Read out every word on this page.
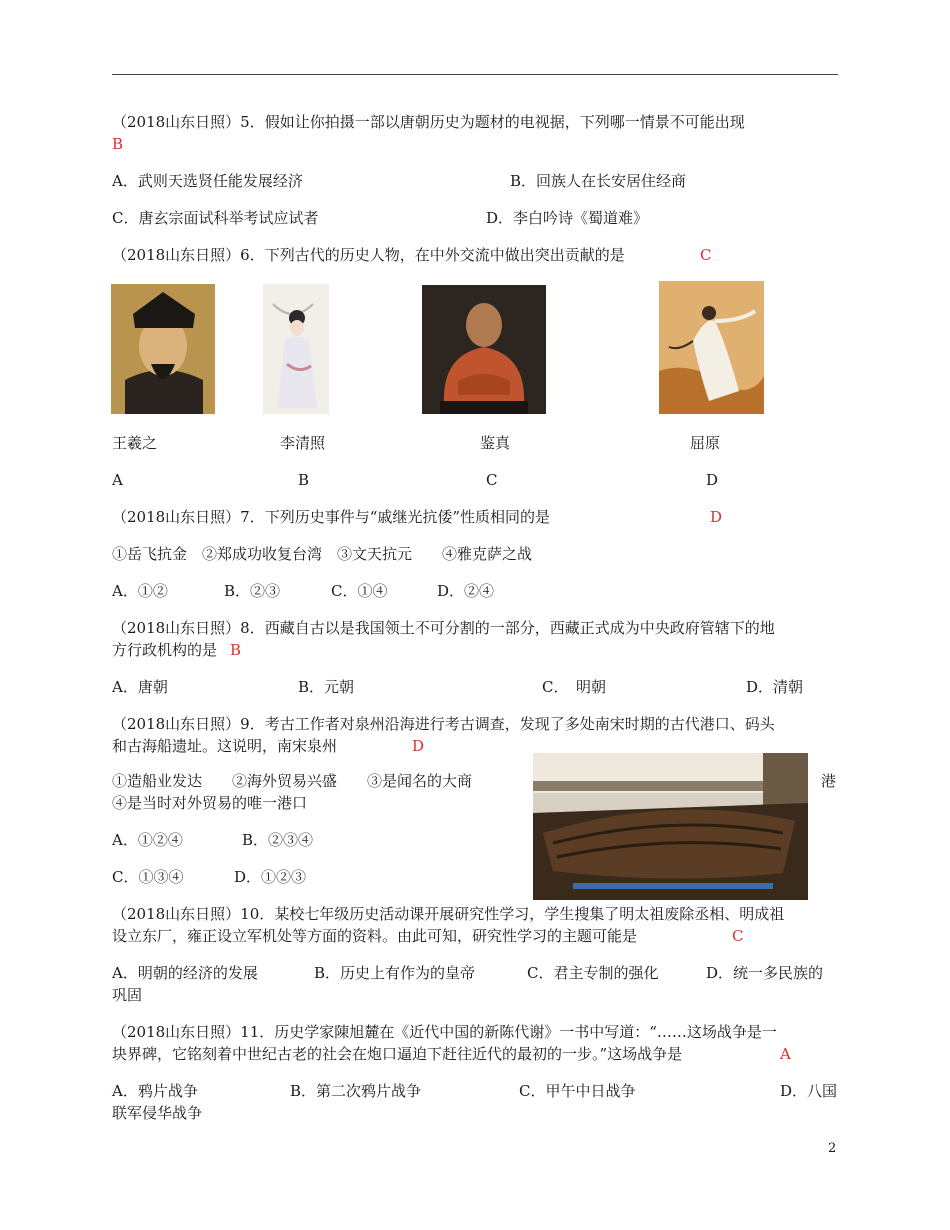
（2018山东日照）5．假如让你拍摄一部以唐朝历史为题材的电视据，下列哪一情景不可能出现
B
A．武则天选贤任能发展经济	B．回族人在长安居住经商
C．唐玄宗面试科举考试应试者	D．李白吟诗《蜀道难》
（2018山东日照）6．下列古代的历史人物，在中外交流中做出突出贡献的是	C
王羲之	李清照	鉴真	屈原
A	B	C	D
（2018山东日照）7．下列历史事件与“戚继光抗倭”性质相同的是	D
①岳飞抗金　②郑成功收复台湾　③文天抗元　　④雅克萨之战
A．①②	B．②③	C．①④	D．②④
（2018山东日照）8．西藏自古以是我国领土不可分割的一部分，西藏正式成为中央政府管辖下的地
方行政机构的是 B
A．唐朝	B．元朝	C．　明朝	D．清朝
（2018山东日照）9．考古工作者对泉州沿海进行考古调查，发现了多处南宋时期的古代港口、码头
和古海船遗址。这说明，南宋泉州	D
①造船业发达　　②海外贸易兴盛　　③是闻名的大商	港
④是当时对外贸易的唯一港口
A．①②④	B．②③④
C．①③④	D．①②③
（2018山东日照）10．某校七年级历史活动课开展研究性学习，学生搜集了明太祖废除丞相、明成祖
设立东厂，雍正设立军机处等方面的资料。由此可知，研究性学习的主题可能是	C
A．明朝的经济的发展	B．历史上有作为的皇帝	C．君主专制的强化	D．统一多民族的
巩固
（2018山东日照）11．历史学家陳旭麓在《近代中国的新陈代谢》一书中写道：“……这场战争是一
块界碑，它铭刻着中世纪古老的社会在炮口逼迫下赶往近代的最初的一步。”这场战争是	A
A．鸦片战争	B．第二次鸦片战争	C．甲午中日战争	D．八国
联军侵华战争
2
